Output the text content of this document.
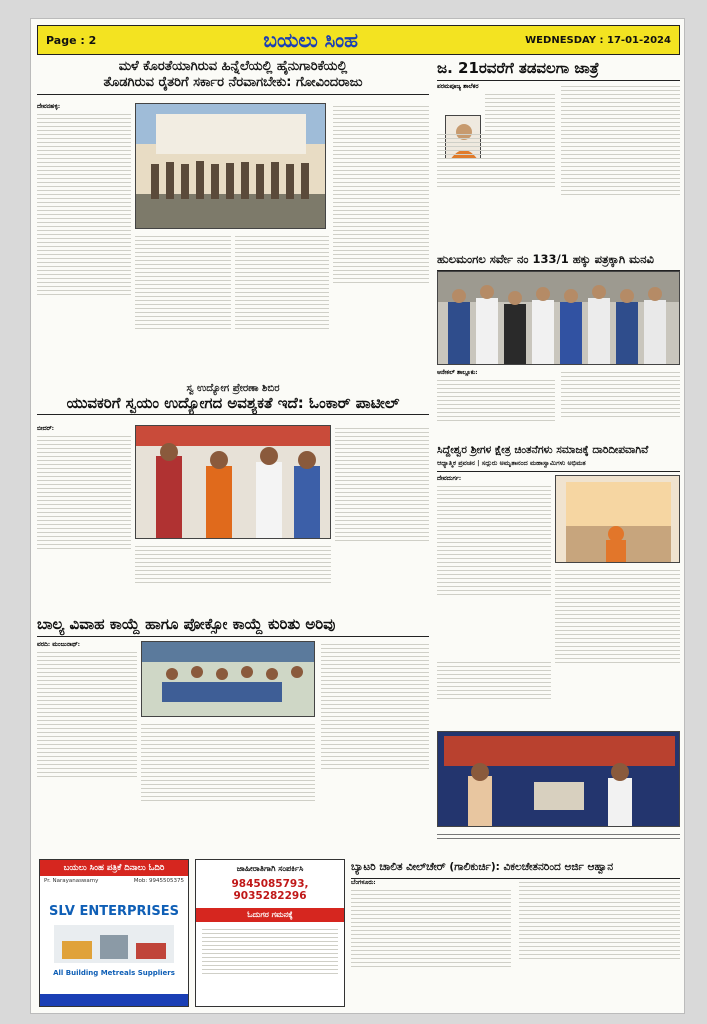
Page : 2	ಬಯಲು ಸಿಂಹ	WEDNESDAY : 17-01-2024
ಮಳೆ ಕೊರತೆಯಾಗಿರುವ ಹಿನ್ನೆಲೆಯಲ್ಲಿ ಹೈನುಗಾರಿಕೆಯಲ್ಲಿ
ತೊಡಗಿರುವ ರೈತರಿಗೆ ಸರ್ಕಾರ ನೆರವಾಗಬೇಕು: ಗೋವಿಂದರಾಜು
ದೇವನಹಳ್ಳಿ:
ಜ. 21ರವರೆಗೆ ತಡವಲಗಾ ಜಾತ್ರೆ
ಪರಮಪೂಜ್ಯ ಶಾಲೆಕರ
ಹುಲಮಂಗಲ ಸರ್ವೇ ನಂ 133/1 ಹಕ್ಕು ಪತ್ರಕ್ಕಾಗಿ ಮನವಿ
ಆನೇಕಲ್ ತಾಲ್ಲೂಕು:
ಸ್ವ ಉದ್ಯೋಗ ಪ್ರೇರಣಾ ಶಿಬಿರ
ಯುವಕರಿಗೆ ಸ್ವಯಂ ಉದ್ಯೋಗದ ಅವಶ್ಯಕತೆ ಇದೆ: ಓಂಕಾರ್ ಪಾಟೀಲ್
ಬೀದರ್:
ಸಿದ್ದೇಶ್ವರ ಶ್ರೀಗಳ ಕ್ಷೇತ್ರ ಚಿಂತನೆಗಳು ಸಮಾಜಕ್ಕೆ ದಾರಿದೀಪವಾಗಿವೆ
ಆಧ್ಯಾತ್ಮಿಕ ಪ್ರವಚನ | ಸದ್ಗುರು ಅಮೃತಾನಂದ ಮಹಾಸ್ವಾಮಿಗಳು ಅಭಿಮತ
ದೇವದುರ್ಗ:
ಬಾಲ್ಯ ವಿವಾಹ ಕಾಯ್ದೆ ಹಾಗೂ ಪೋಕ್ಸೋ ಕಾಯ್ದೆ ಕುರಿತು ಅರಿವು
ವರದಿ: ಮಂಜುನಾಥ್:
ಬಯಲು ಸಿಂಹ ಪತ್ರಿಕೆ ದಿನಾಲು ಓದಿರಿ
Pr. Narayanaswamy	Mob: 9945505375
SLV ENTERPRISES
All Building Metreals Suppliers
ಜಾಹೀರಾತಿಗಾಗಿ ಸಂಪರ್ಕಿಸಿ
9845085793, 9035282296
ಓದುಗರ ಗಮನಕ್ಕೆ
ಬ್ಯಾಟರಿ ಚಾಲಿತ ವೀಲ್‌ಚೇರ್ (ಗಾಲಿಕುರ್ಚಿ): ವಿಕಲಚೇತನರಿಂದ ಅರ್ಜಿ ಆಹ್ವಾನ
ಬೆಂಗಳೂರು:
